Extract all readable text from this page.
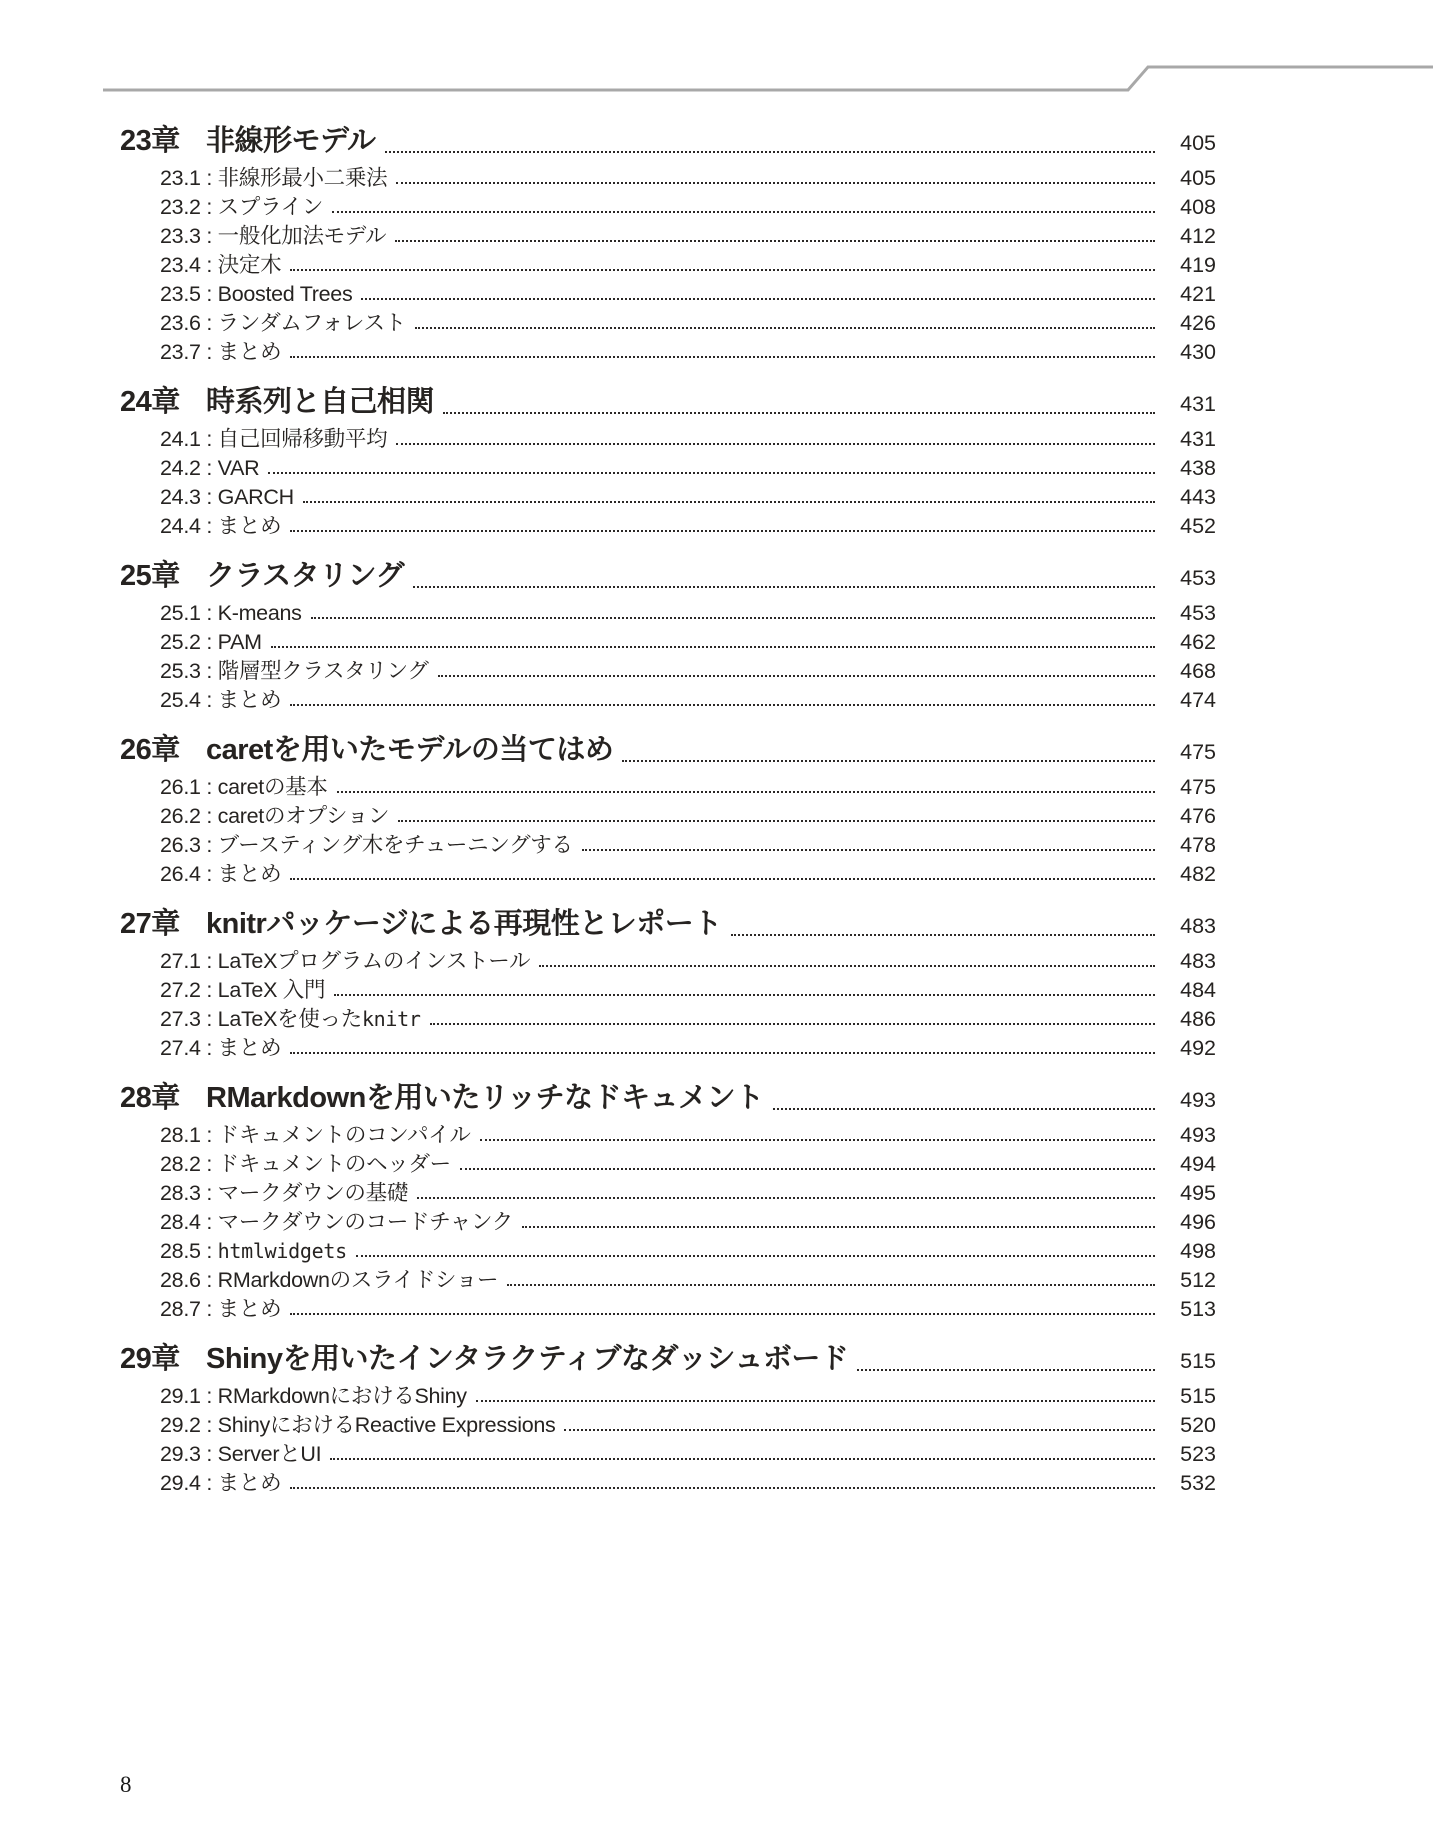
23章 非線形モデル	405
23.1 : 非線形最小二乗法	405
23.2 : スプライン	408
23.3 : 一般化加法モデル	412
23.4 : 決定木	419
23.5 : Boosted Trees	421
23.6 : ランダムフォレスト	426
23.7 : まとめ	430
24章 時系列と自己相関	431
24.1 : 自己回帰移動平均	431
24.2 : VAR	438
24.3 : GARCH	443
24.4 : まとめ	452
25章 クラスタリング	453
25.1 : K-means	453
25.2 : PAM	462
25.3 : 階層型クラスタリング	468
25.4 : まとめ	474
26章 caretを用いたモデルの当てはめ	475
26.1 : caretの基本	475
26.2 : caretのオプション	476
26.3 : ブースティング木をチューニングする	478
26.4 : まとめ	482
27章 knitrパッケージによる再現性とレポート	483
27.1 : LaTeXプログラムのインストール	483
27.2 : LaTeX 入門	484
27.3 : LaTeXを使ったknitr	486
27.4 : まとめ	492
28章 RMarkdownを用いたリッチなドキュメント	493
28.1 : ドキュメントのコンパイル	493
28.2 : ドキュメントのヘッダー	494
28.3 : マークダウンの基礎	495
28.4 : マークダウンのコードチャンク	496
28.5 : htmlwidgets	498
28.6 : RMarkdownのスライドショー	512
28.7 : まとめ	513
29章 Shinyを用いたインタラクティブなダッシュボード	515
29.1 : RMarkdownにおけるShiny	515
29.2 : ShinyにおけるReactive Expressions	520
29.3 : ServerとUI	523
29.4 : まとめ	532
8
